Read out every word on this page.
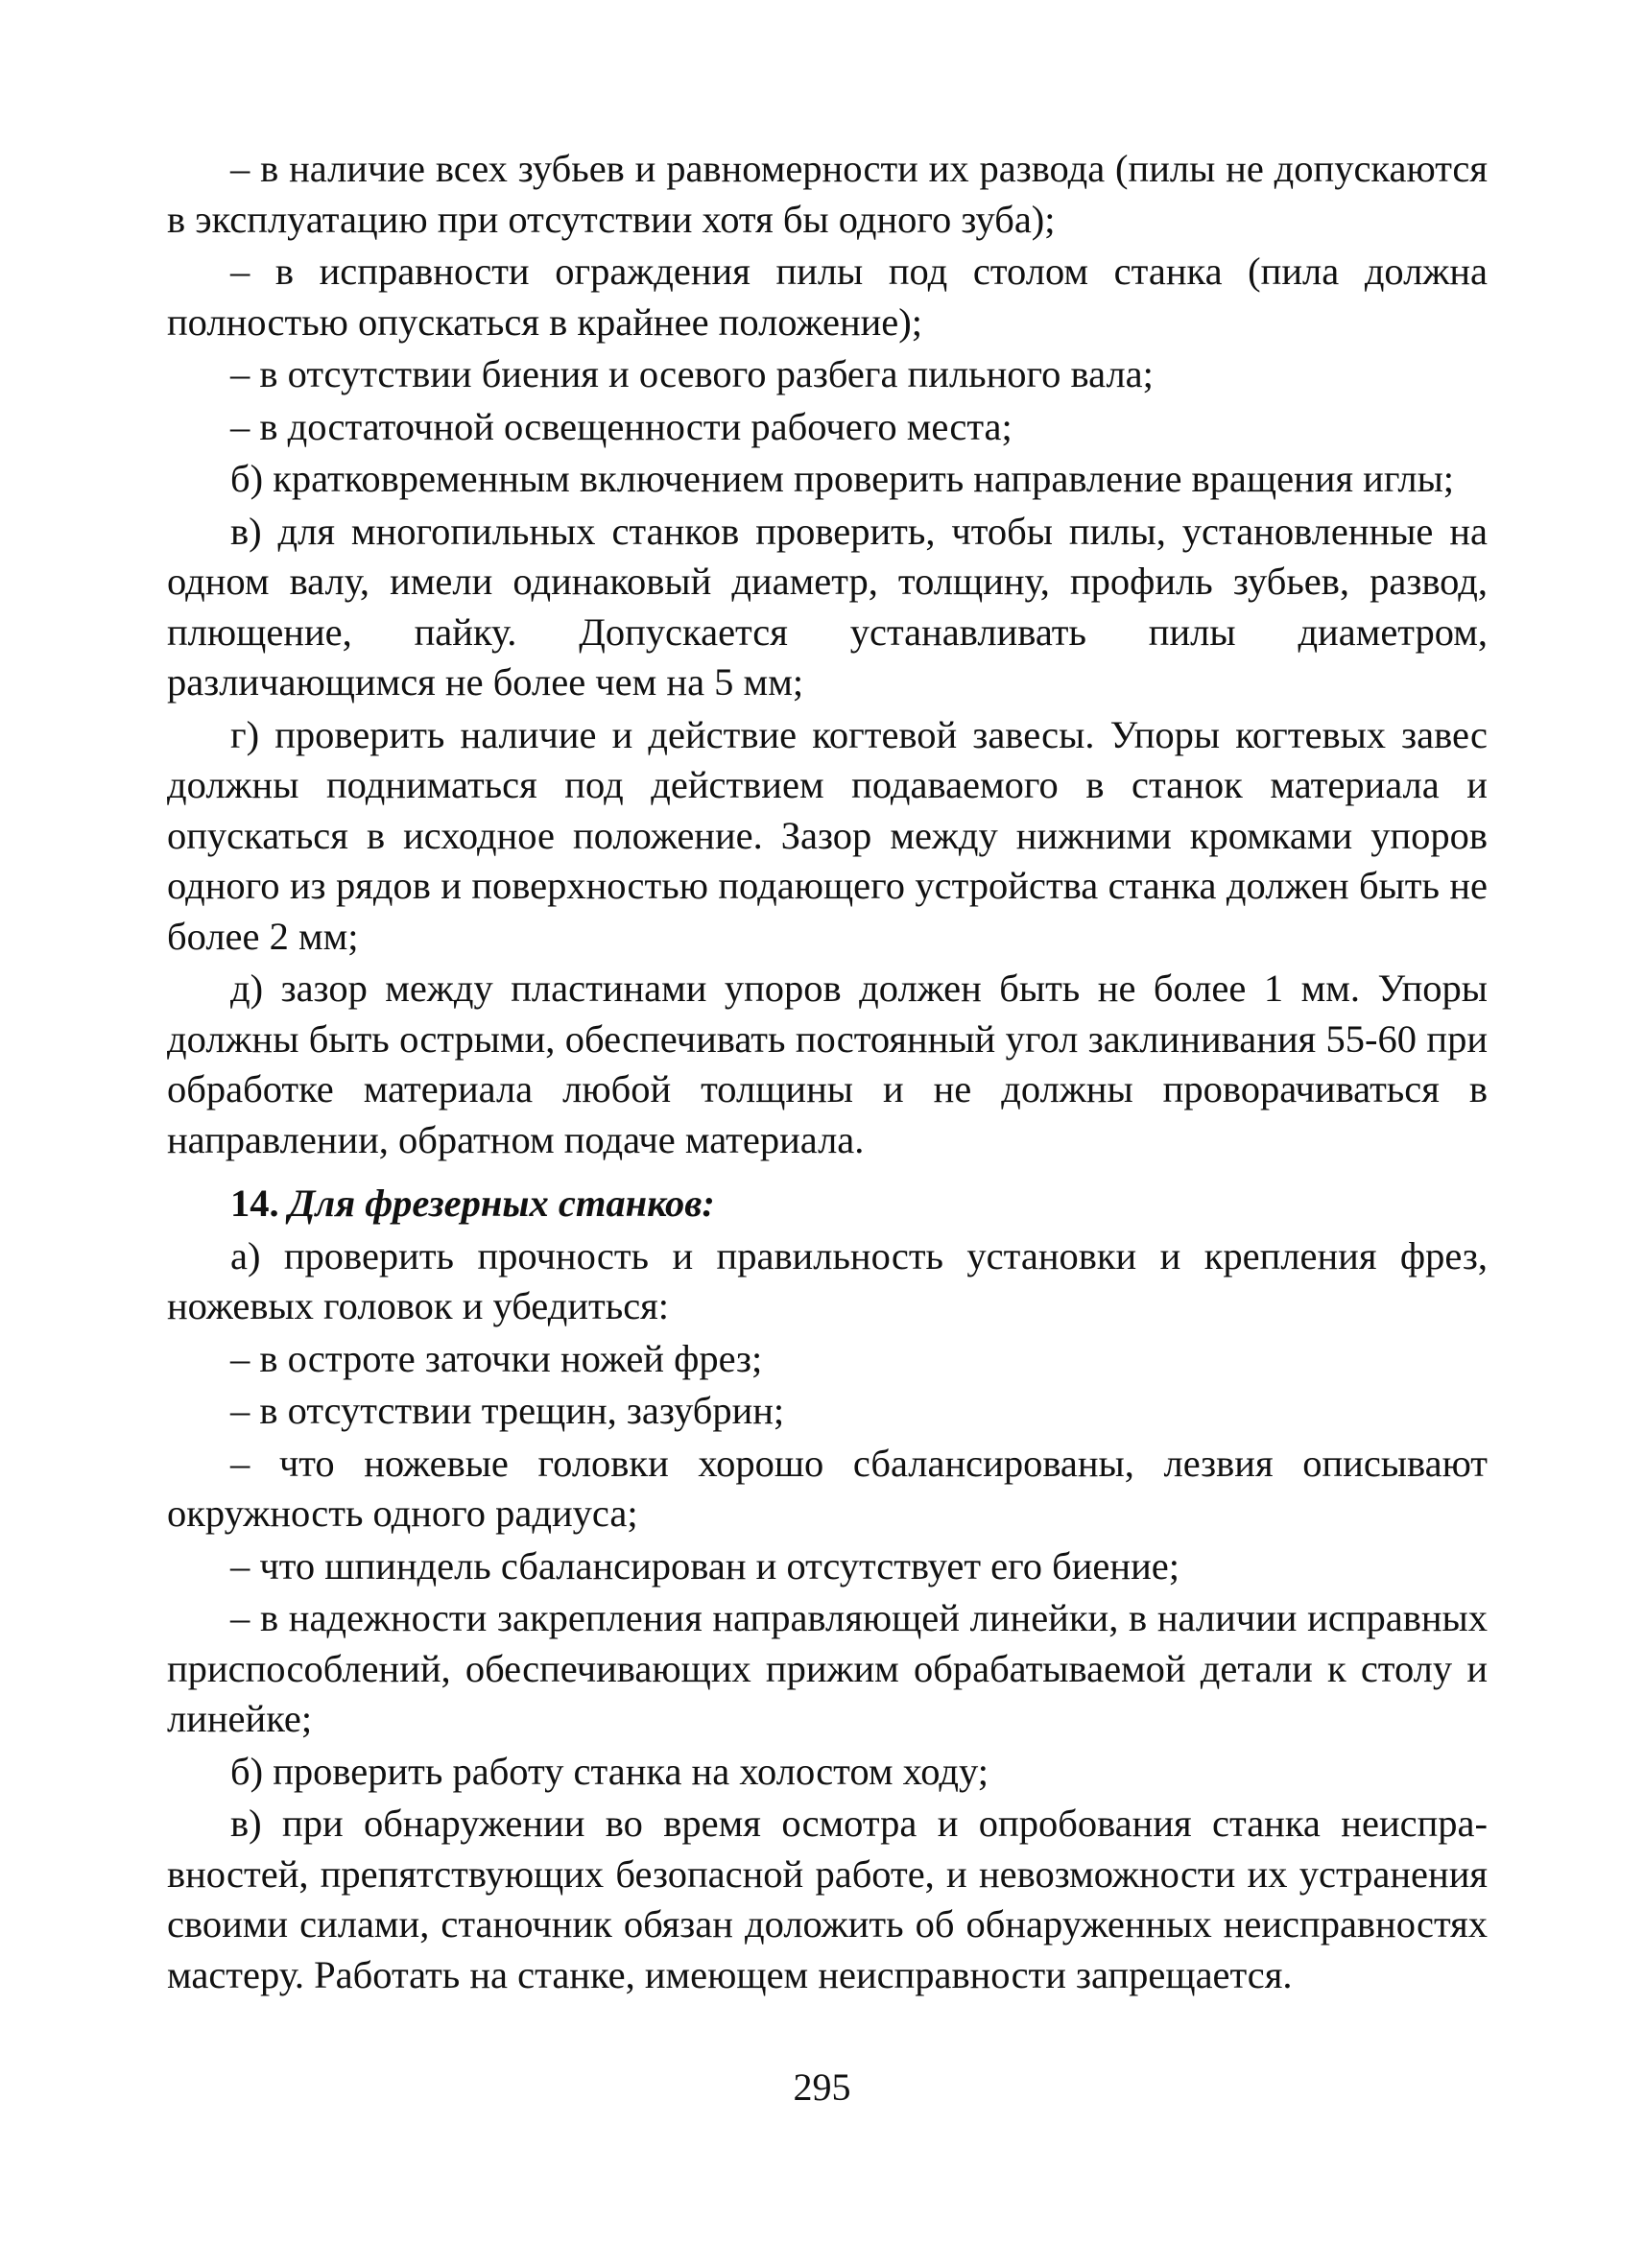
– в наличие всех зубьев и равномерности их развода (пилы не допускаются в эксплуатацию при отсутствии хотя бы одного зуба);

– в исправности ограждения пилы под столом станка (пила должна полностью опускаться в крайнее положение);

– в отсутствии биения и осевого разбега пильного вала;

– в достаточной освещенности рабочего места;

б) кратковременным включением проверить направление вращения иглы;

в) для многопильных станков проверить, чтобы пилы, установленные на одном валу, имели одинаковый диаметр, толщину, профиль зубьев, развод, плющение, пайку. Допускается устанавливать пилы диаметром, различающимся не более чем на 5 мм;

г) проверить наличие и действие когтевой завесы. Упоры когтевых завес должны подниматься под действием подаваемого в станок материала и опускаться в исходное положение. Зазор между нижними кромками упоров одного из рядов и поверхностью подающего устройства станка должен быть не более 2 мм;

д) зазор между пластинами упоров должен быть не более 1 мм. Упоры должны быть острыми, обеспечивать постоянный угол заклинивания 55-60 при обработке материала любой толщины и не должны проворачиваться в направлении, обратном подаче материала.

14. Для фрезерных станков:

а) проверить прочность и правильность установки и крепления фрез, ножевых головок и убедиться:

– в остроте заточки ножей фрез;

– в отсутствии трещин, зазубрин;

– что ножевые головки хорошо сбалансированы, лезвия описывают окружность одного радиуса;

– что шпиндель сбалансирован и отсутствует его биение;

– в надежности закрепления направляющей линейки, в наличии исправных приспособлений, обеспечивающих прижим обрабатываемой детали к столу и линейке;

б) проверить работу станка на холостом ходу;

в) при обнаружении во время осмотра и опробования станка неисправностей, препятствующих безопасной работе, и невозможности их устранения своими силами, станочник обязан доложить об обнаруженных неисправностях мастеру. Работать на станке, имеющем неисправности запрещается.

295
